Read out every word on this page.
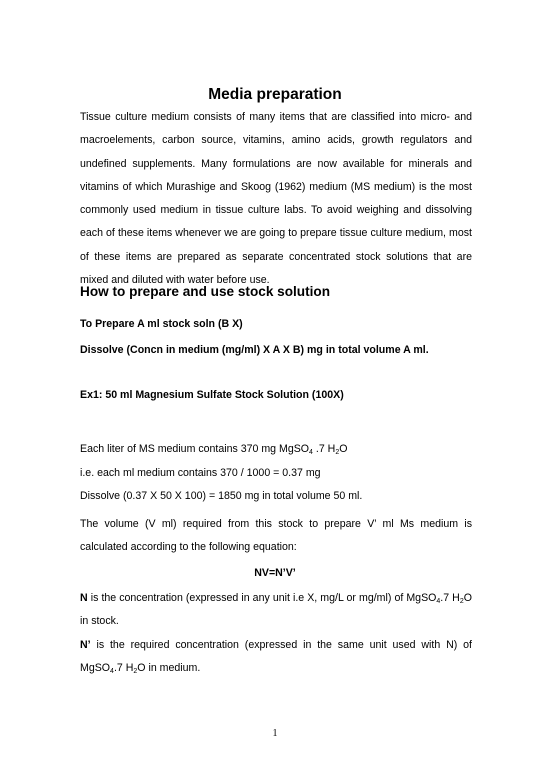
Media preparation
Tissue culture medium consists of many items that are classified into micro- and macroelements, carbon source, vitamins, amino acids, growth regulators and undefined supplements. Many formulations are now available for minerals and vitamins of which Murashige and Skoog (1962) medium (MS medium) is the most commonly used medium in tissue culture labs. To avoid weighing and dissolving each of these items whenever we are going to prepare tissue culture medium, most of these items are prepared as separate concentrated stock solutions that are mixed and diluted with water before use.
How to prepare and use stock solution
To Prepare A ml stock soln (B X)
Dissolve (Concn in medium (mg/ml) X A X B) mg in total volume A ml.
Ex1: 50 ml Magnesium Sulfate Stock Solution (100X)
Each liter of MS medium contains 370 mg MgSO$_4$ .7 $H_2O$
i.e. each ml medium contains 370 / 1000 = 0.37 mg
Dissolve (0.37 X 50 X 100) = 1850 mg in total volume 50 ml.
The volume (V ml) required from this stock to prepare V’ ml Ms medium is calculated according to the following equation:
NV=N’V’
N is the concentration (expressed in any unit i.e X, mg/L or mg/ml) of MgSO$_4$.7 $H_2O$ in stock.
N’ is the required concentration (expressed in the same unit used with N) of MgSO$_4$.7 $H_2O$ in medium.
1
